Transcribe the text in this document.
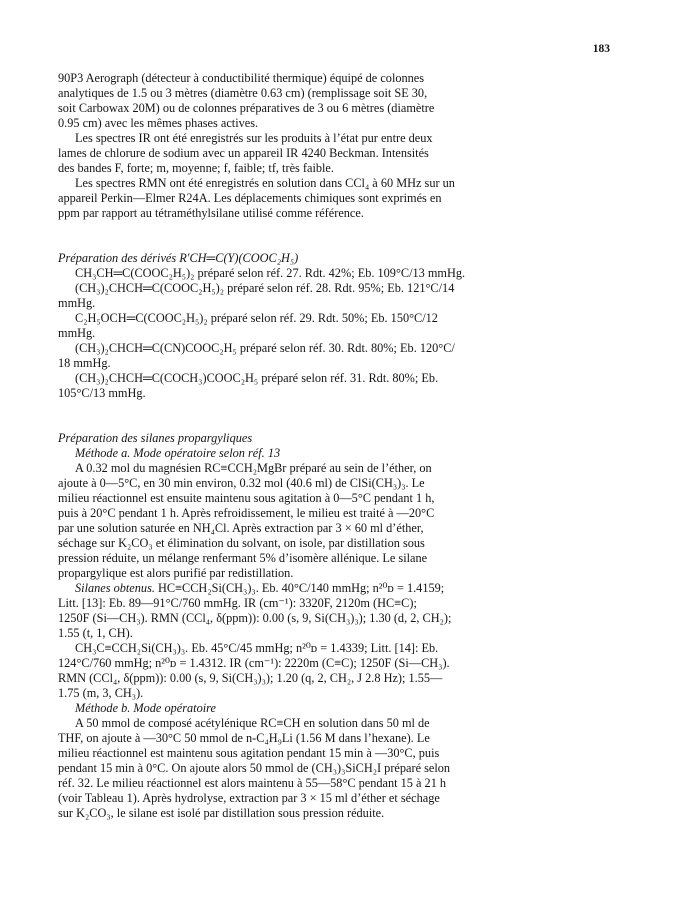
183
90P3 Aerograph (détecteur à conductibilité thermique) équipé de colonnes
analytiques de 1.5 ou 3 mètres (diamètre 0.63 cm) (remplissage soit SE 30,
soit Carbowax 20M) ou de colonnes préparatives de 3 ou 6 mètres (diamètre
0.95 cm) avec les mêmes phases actives.
Les spectres IR ont été enregistrés sur les produits à l’état pur entre deux
lames de chlorure de sodium avec un appareil IR 4240 Beckman. Intensités
des bandes F, forte; m, moyenne; f, faible; tf, très faible.
Les spectres RMN ont été enregistrés en solution dans CCl₄ à 60 MHz sur un
appareil Perkin—Elmer R24A. Les déplacements chimiques sont exprimés en
ppm par rapport au tétraméthylsilane utilisé comme référence.
Préparation des dérivés R′CH═C(Y)(COOC₂H₅)
CH₃CH═C(COOC₂H₅)₂ préparé selon réf. 27. Rdt. 42%; Eb. 109°C/13 mmHg.
(CH₃)₂CHCH═C(COOC₂H₅)₂ préparé selon réf. 28. Rdt. 95%; Eb. 121°C/14
mmHg.
C₂H₅OCH═C(COOC₂H₅)₂ préparé selon réf. 29. Rdt. 50%; Eb. 150°C/12
mmHg.
(CH₃)₂CHCH═C(CN)COOC₂H₅ préparé selon réf. 30. Rdt. 80%; Eb. 120°C/
18 mmHg.
(CH₃)₂CHCH═C(COCH₃)COOC₂H₅ préparé selon réf. 31. Rdt. 80%; Eb.
105°C/13 mmHg.
Préparation des silanes propargyliques
Méthode a. Mode opératoire selon réf. 13
A 0.32 mol du magnésien RC≡CCH₂MgBr préparé au sein de l’éther, on
ajoute à 0—5°C, en 30 min environ, 0.32 mol (40.6 ml) de ClSi(CH₃)₃. Le
milieu réactionnel est ensuite maintenu sous agitation à 0—5°C pendant 1 h,
puis à 20°C pendant 1 h. Après refroidissement, le milieu est traité à —20°C
par une solution saturée en NH₄Cl. Après extraction par 3 × 60 ml d’éther,
séchage sur K₂CO₃ et élimination du solvant, on isole, par distillation sous
pression réduite, un mélange renfermant 5% d’isomère allénique. Le silane
propargylique est alors purifié par redistillation.
Silanes obtenus. HC≡CCH₂Si(CH₃)₃. Eb. 40°C/140 mmHg; n²⁰ᴅ = 1.4159;
Litt. [13]: Eb. 89—91°C/760 mmHg. IR (cm⁻¹): 3320F, 2120m (HC≡C);
1250F (Si—CH₃). RMN (CCl₄, δ(ppm)): 0.00 (s, 9, Si(CH₃)₃); 1.30 (d, 2, CH₂);
1.55 (t, 1, CH).
CH₃C≡CCH₂Si(CH₃)₃. Eb. 45°C/45 mmHg; n²⁰ᴅ = 1.4339; Litt. [14]: Eb.
124°C/760 mmHg; n²⁰ᴅ = 1.4312. IR (cm⁻¹): 2220m (C≡C); 1250F (Si—CH₃).
RMN (CCl₄, δ(ppm)): 0.00 (s, 9, Si(CH₃)₃); 1.20 (q, 2, CH₂, J 2.8 Hz); 1.55—
1.75 (m, 3, CH₃).
Méthode b. Mode opératoire
A 50 mmol de composé acétylénique RC≡CH en solution dans 50 ml de
THF, on ajoute à —30°C 50 mmol de n-C₄H₉Li (1.56 M dans l’hexane). Le
milieu réactionnel est maintenu sous agitation pendant 15 min à —30°C, puis
pendant 15 min à 0°C. On ajoute alors 50 mmol de (CH₃)₃SiCH₂I préparé selon
réf. 32. Le milieu réactionnel est alors maintenu à 55—58°C pendant 15 à 21 h
(voir Tableau 1). Après hydrolyse, extraction par 3 × 15 ml d’éther et séchage
sur K₂CO₃, le silane est isolé par distillation sous pression réduite.
